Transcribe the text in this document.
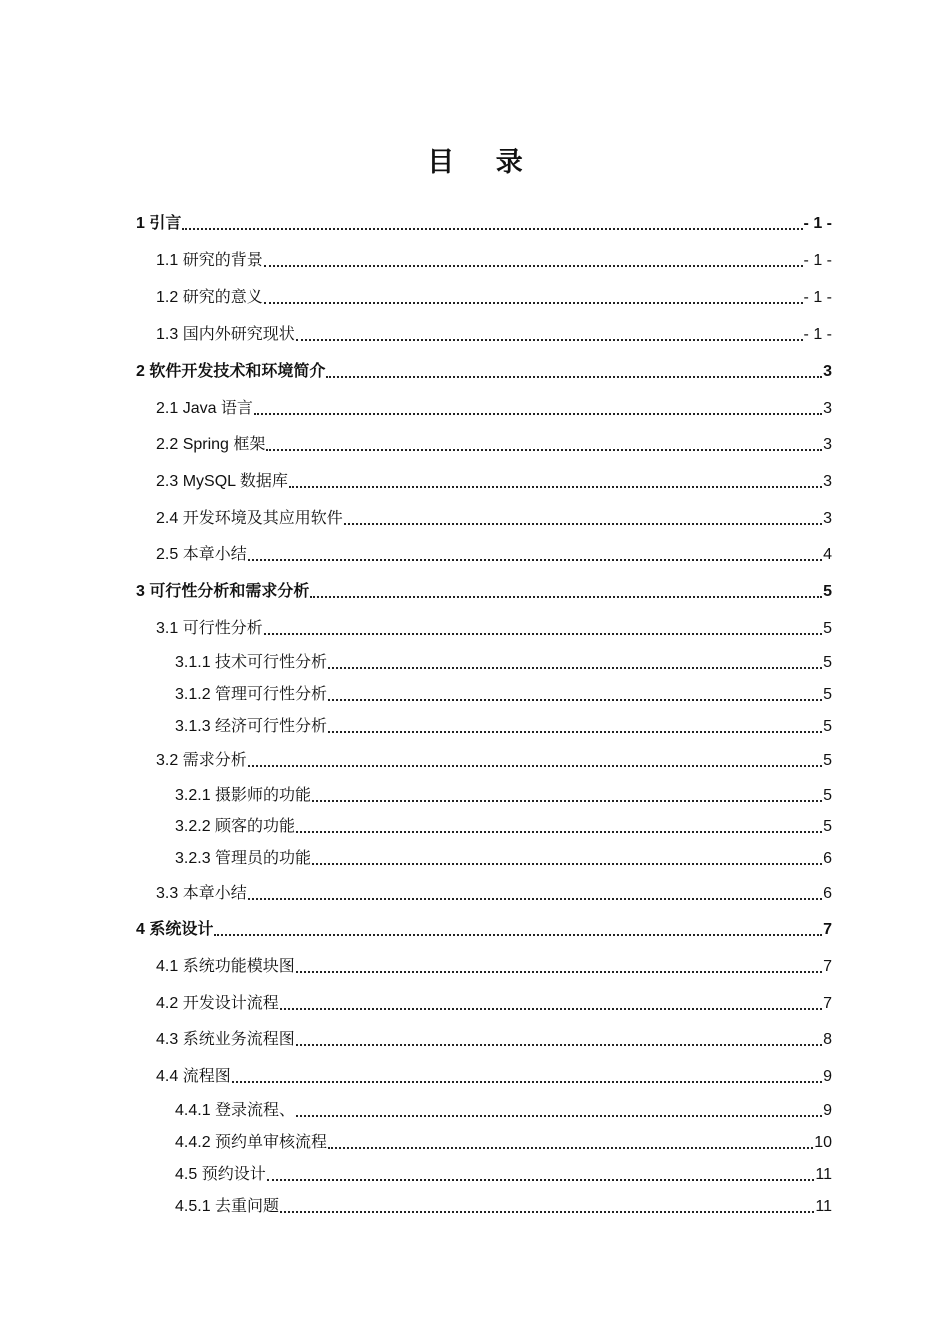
目 录
1 引言	- 1 -
1.1 研究的背景	- 1 -
1.2 研究的意义	- 1 -
1.3 国内外研究现状	- 1 -
2 软件开发技术和环境简介	3
2.1 Java 语言	3
2.2 Spring 框架	3
2.3 MySQL 数据库	3
2.4 开发环境及其应用软件	3
2.5 本章小结	4
3 可行性分析和需求分析	5
3.1 可行性分析	5
3.1.1 技术可行性分析	5
3.1.2 管理可行性分析	5
3.1.3 经济可行性分析	5
3.2 需求分析	5
3.2.1 摄影师的功能	5
3.2.2 顾客的功能	5
3.2.3 管理员的功能	6
3.3 本章小结	6
4 系统设计	7
4.1 系统功能模块图	7
4.2 开发设计流程	7
4.3 系统业务流程图	8
4.4 流程图	9
4.4.1 登录流程、	9
4.4.2 预约单审核流程	10
4.5 预约设计	11
4.5.1 去重问题	11
